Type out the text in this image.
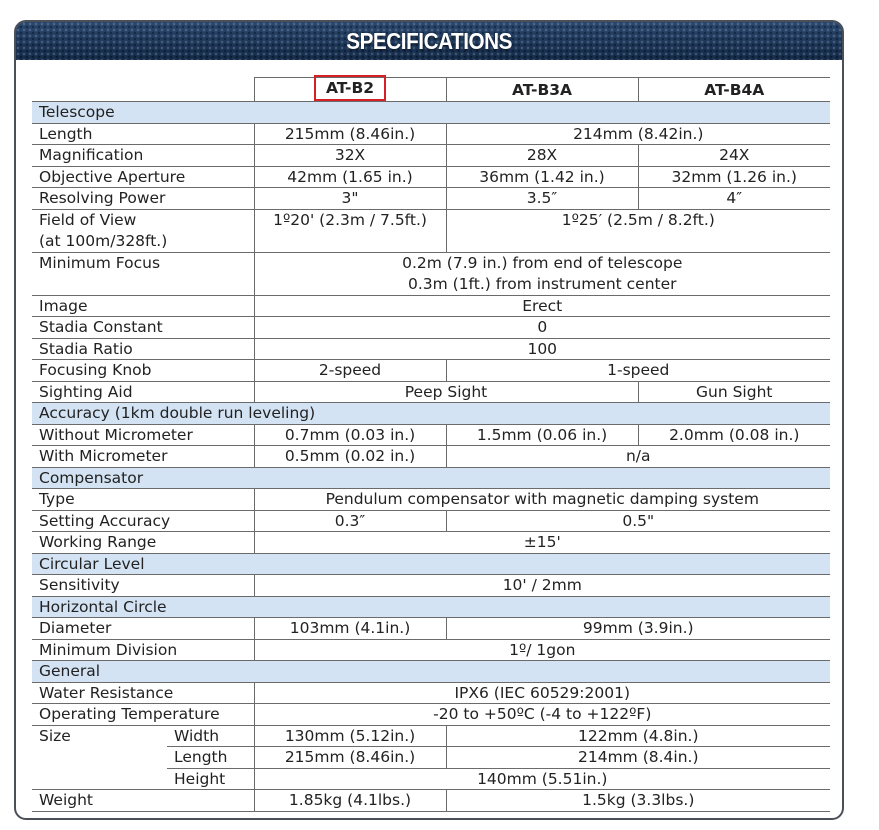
SPECIFICATIONS
		AT-B2	AT-B3A	AT-B4A
Telescope				
Length		215mm (8.46in.)	214mm (8.42in.)	
Magnification		32X	28X	24X
Objective Aperture		42mm (1.65 in.)	36mm (1.42 in.)	32mm (1.26 in.)
Resolving Power		3"	3.5″	4″
Field of View
(at 100m/328ft.)		1º20' (2.3m / 7.5ft.)	1º25′ (2.5m / 8.2ft.)	
Minimum Focus		0.2m (7.9 in.) from end of telescope
0.3m (1ft.) from instrument center		
Image		Erect		
Stadia Constant		0		
Stadia Ratio		100		
Focusing Knob		2-speed	1-speed	
Sighting Aid		Peep Sight		Gun Sight
Accuracy (1km double run leveling)				
Without Micrometer		0.7mm (0.03 in.)	1.5mm (0.06 in.)	2.0mm (0.08 in.)
With Micrometer		0.5mm (0.02 in.)	n/a	
Compensator				
Type		Pendulum compensator with magnetic damping system		
Setting Accuracy		0.3″	0.5"	
Working Range		±15'		
Circular Level				
Sensitivity		10' / 2mm		
Horizontal Circle				
Diameter		103mm (4.1in.)	99mm (3.9in.)	
Minimum Division		1º/ 1gon		
General				
Water Resistance		IPX6 (IEC 60529:2001)		
Operating Temperature		-20 to +50ºC (-4 to +122ºF)		
Size	Width	130mm (5.12in.)	122mm (4.8in.)	
	Length	215mm (8.46in.)	214mm (8.4in.)	
	Height	140mm (5.51in.)		
Weight		1.85kg (4.1lbs.)	1.5kg (3.3lbs.)	
